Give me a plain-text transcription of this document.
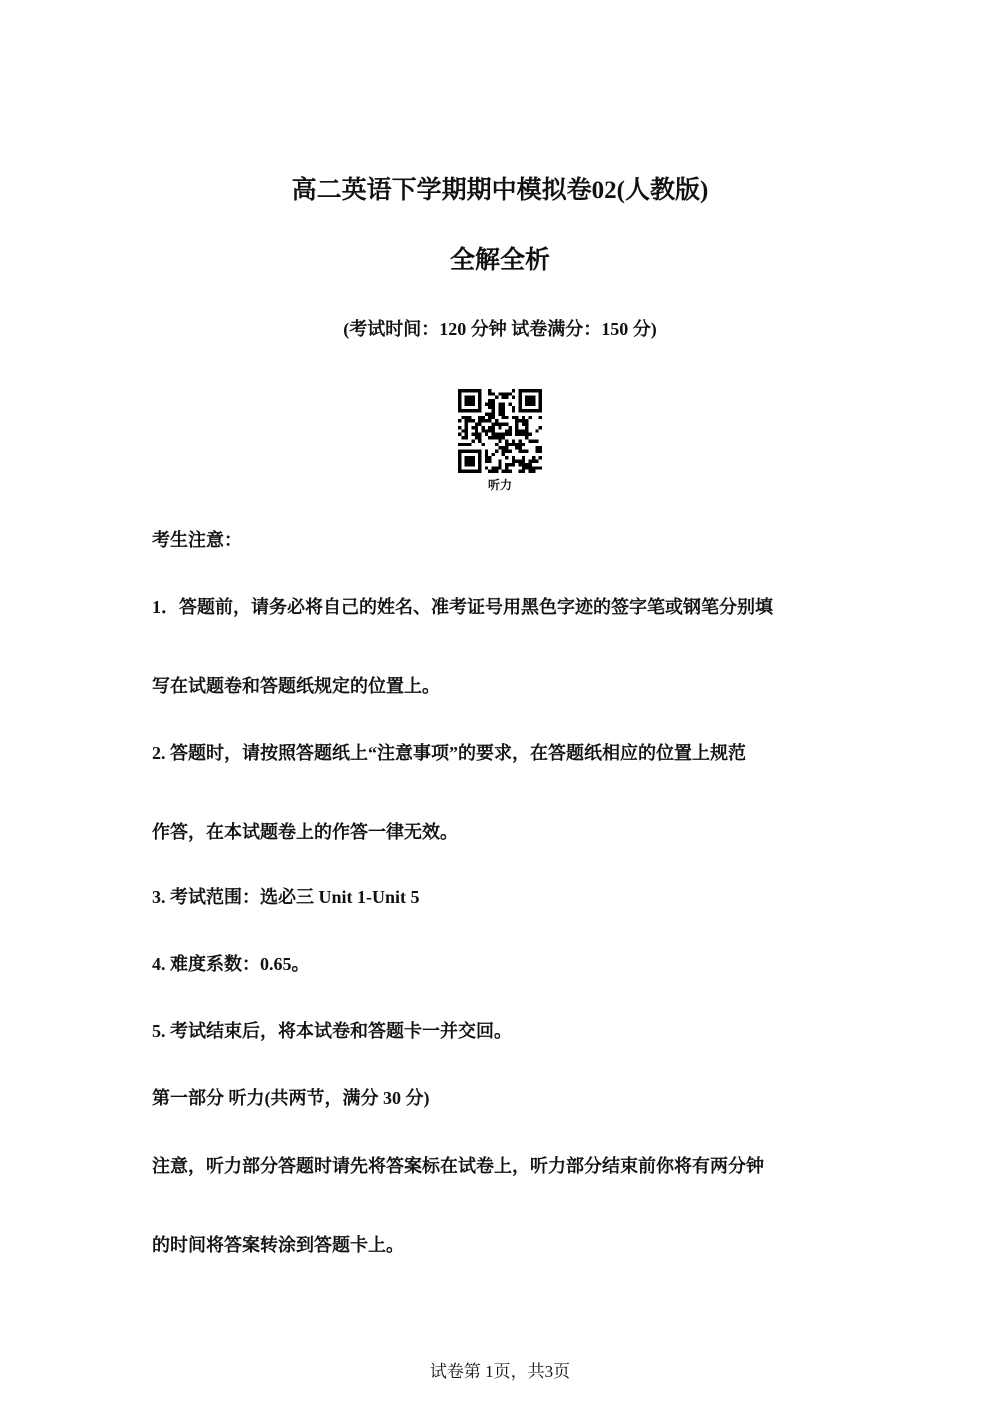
高二英语下学期期中模拟卷02(人教版)
全解全析
(考试时间：120 分钟 试卷满分：150 分)
听力
考生注意：
1．答题前，请务必将自己的姓名、准考证号用黑色字迹的签字笔或钢笔分别填
写在试题卷和答题纸规定的位置上。
2. 答题时，请按照答题纸上“注意事项”的要求，在答题纸相应的位置上规范
作答，在本试题卷上的作答一律无效。
3. 考试范围：选必三 Unit 1-Unit 5
4. 难度系数：0.65。
5. 考试结束后，将本试卷和答题卡一并交回。
第一部分 听力(共两节，满分 30 分)
注意，听力部分答题时请先将答案标在试卷上，听力部分结束前你将有两分钟
的时间将答案转涂到答题卡上。
试卷第 1页，共3页
